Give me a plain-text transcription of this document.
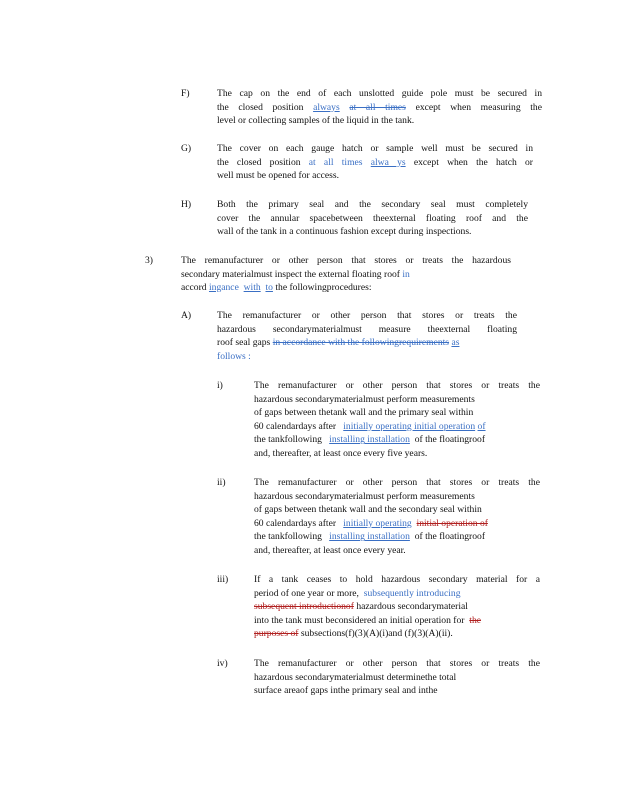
F)	The cap on the end of each unslotted guide pole must be secured in
the closed position always at all times except when measuring the
level or collecting samples of the liquid in the tank.
G)	The cover on each gauge hatch or sample well must be secured in
the closed position at all times alwa ys except when the hatch or
well must be opened for access.
H)	Both the primary seal and the secondary seal must completely
cover the annular spacebetween theexternal floating roof and the
wall of the tank in a continuous fashion except during inspections.
3)	The remanufacturer or other person that stores or treats the hazardous
secondary materialmust inspect the external floating roof in
accord ingance with to the followingprocedures:
A)	The remanufacturer or other person that stores or treats the
hazardous secondarymaterialmust measure theexternal floating
roof seal gaps in accordance with the followingrequirements as
follows :
i)	The remanufacturer or other person that stores or treats the
hazardous secondarymaterialmust perform measurements
of gaps between thetank wall and the primary seal within
60 calendardays after initially operating initial operation of
the tankfollowing installing installation of the floatingroof
and, thereafter, at least once every five years.
ii)	The remanufacturer or other person that stores or treats the
hazardous secondarymaterialmust perform measurements
of gaps between thetank wall and the secondary seal within
60 calendardays after initially operating initial operation of
the tankfollowing installing installation of the floatingroof
and, thereafter, at least once every year.
iii)	If a tank ceases to hold hazardous secondary material for a
period of one year or more, subsequently introducing
subsequent introductionof hazardous secondarymaterial
into the tank must beconsidered an initial operation for the
purposes of subsections(f)(3)(A)(i)and (f)(3)(A)(ii).
iv)	The remanufacturer or other person that stores or treats the
hazardous secondarymaterialmust determinethe total
surface areaof gaps inthe primary seal and inthe
